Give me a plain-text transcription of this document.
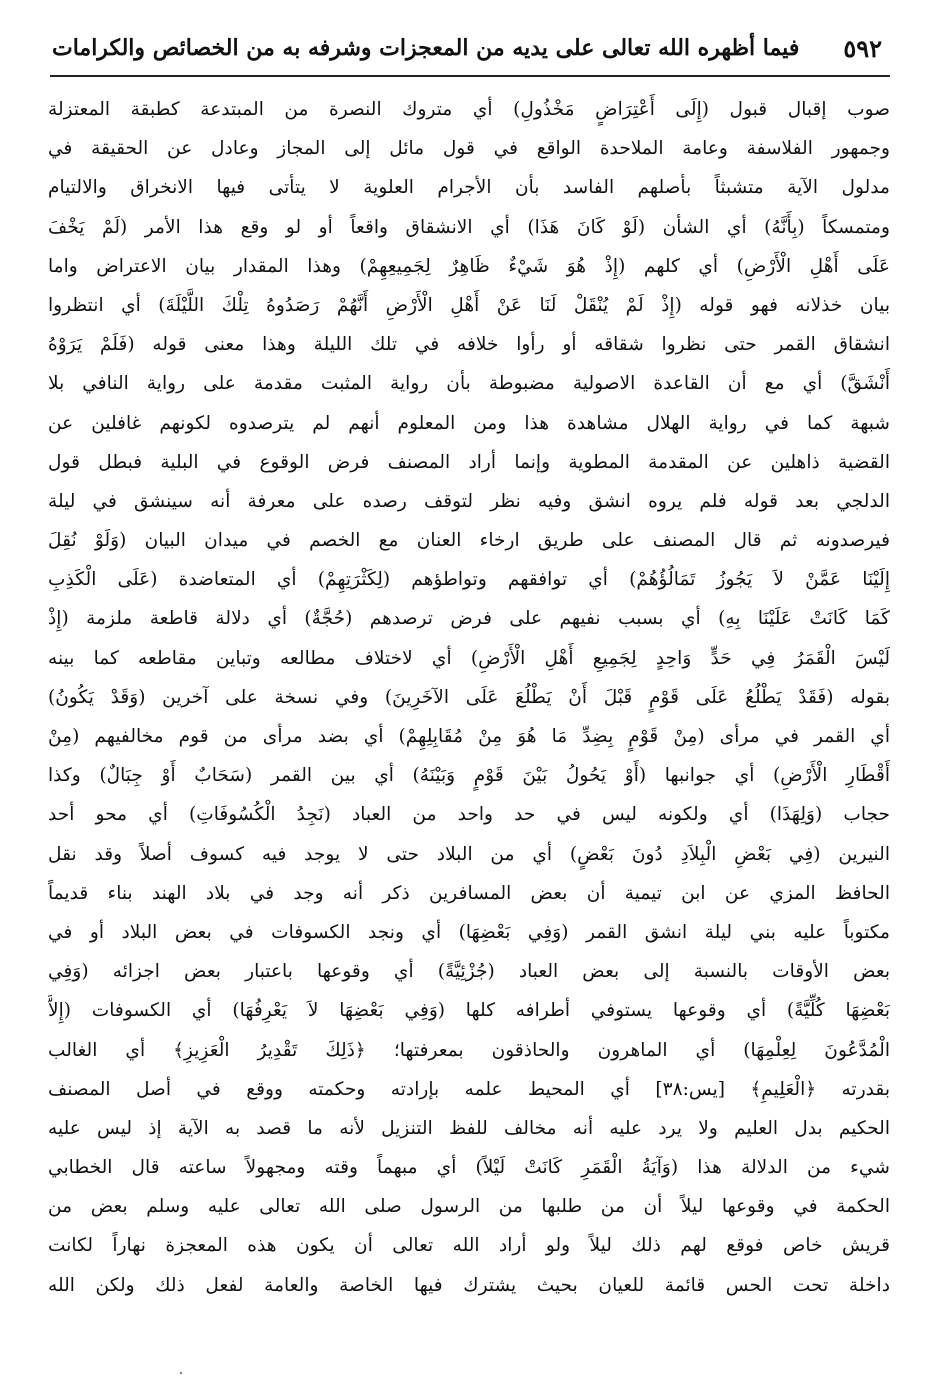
٥٩٢
فيما أظهره الله تعالى على يديه من المعجزات وشرفه به من الخصائص والكرامات
صوب إقبال قبول (إِلَى أَعْتِرَاضٍ مَخْذُولِ) أي متروك النصرة من المبتدعة كطبقة المعتزلة
وجمهور الفلاسفة وعامة الملاحدة الواقع في قول مائل إلى المجاز وعادل عن الحقيقة في
مدلول الآية متشبثاً بأصلهم الفاسد بأن الأجرام العلوية لا يتأتى فيها الانخراق والالتيام
ومتمسكاً (بِأَنَّهُ) أي الشأن (لَوْ كَانَ هَذَا) أي الانشقاق واقعاً أو لو وقع هذا الأمر (لَمْ يَخْفَ
عَلَى أَهْلِ الْأَرْضِ) أي كلهم (إِذْ هُوَ شَيْءٌ ظَاهِرٌ لِجَمِيعِهِمْ) وهذا المقدار بيان الاعتراض واما
بيان خذلانه فهو قوله (إِذْ لَمْ يُنْقَلْ لَنَا عَنْ أَهْلِ الْأَرْضِ أَنَّهُمْ رَصَدُوهُ تِلْكَ اللَّيْلَةَ) أي انتظروا
انشقاق القمر حتى نظروا شقاقه أو رأوا خلافه في تلك الليلة وهذا معنى قوله (فَلَمْ يَرَوْهُ
أَنْشَقَّ) أي مع أن القاعدة الاصولية مضبوطة بأن رواية المثبت مقدمة على رواية النافي بلا
شبهة كما في رواية الهلال مشاهدة هذا ومن المعلوم أنهم لم يترصدوه لكونهم غافلين عن
القضية ذاهلين عن المقدمة المطوية وإنما أراد المصنف فرض الوقوع في البلية فبطل قول
الدلجي بعد قوله فلم يروه انشق وفيه نظر لتوقف رصده على معرفة أنه سينشق في ليلة
فيرصدونه ثم قال المصنف على طريق ارخاء العنان مع الخصم في ميدان البيان (وَلَوْ نُقِلَ
إِلَيْنَا عَمَّنْ لاَ يَجُوزُ تَمَالُؤُهُمْ) أي توافقهم وتواطؤهم (لِكَثْرَتِهِمْ) أي المتعاضدة (عَلَى الْكَذِبِ
كَمَا كَانَتْ عَلَيْنَا بِهِ) أي بسبب نفيهم على فرض ترصدهم (حُجَّةٌ) أي دلالة قاطعة ملزمة (إِذْ
لَيْسَ الْقَمَرُ فِي حَدٍّ وَاحِدٍ لِجَمِيعِ أَهْلِ الْأَرْضِ) أي لاختلاف مطالعه وتباين مقاطعه كما بينه
بقوله (فَقَدْ يَطْلُعُ عَلَى قَوْمٍ قَبْلَ أَنْ يَطْلُعَ عَلَى الآخَرِينَ) وفي نسخة على آخرين (وَقَدْ يَكُونُ)
أي القمر في مرأى (مِنْ قَوْمٍ بِضِدِّ مَا هُوَ مِنْ مُقَابِلِهِمْ) أي بضد مرأى من قوم مخالفيهم (مِنْ
أَقْطَارِ الْأَرْضِ) أي جوانبها (أَوْ يَحُولُ بَيْنَ قَوْمٍ وَبَيْنَهُ) أي بين القمر (سَحَابٌ أَوْ جِبَالٌ) وكذا
حجاب (وَلِهَذَا) أي ولكونه ليس في حد واحد من العباد (نَجِدُ الْكُسُوفَاتِ) أي محو أحد
النيرين (فِي بَعْضِ الْبِلاَدِ دُونَ بَعْضٍ) أي من البلاد حتى لا يوجد فيه كسوف أصلاً وقد نقل
الحافظ المزي عن ابن تيمية أن بعض المسافرين ذكر أنه وجد في بلاد الهند بناء قديماً
مكتوباً عليه بني ليلة انشق القمر (وَفِي بَعْضِهَا) أي ونجد الكسوفات في بعض البلاد أو في
بعض الأوقات بالنسبة إلى بعض العباد (جُزْئِيَّةً) أي وقوعها باعتبار بعض اجزائه (وَفِي
بَعْضِهَا كُلِّيَّةً) أي وقوعها يستوفي أطرافه كلها (وَفِي بَعْضِهَا لاَ يَعْرِفُهَا) أي الكسوفات (إِلاَّ
الْمُدَّعُونَ لِعِلْمِهَا) أي الماهرون والحاذقون بمعرفتها؛ ﴿ذَلِكَ تَقْدِيرُ الْعَزِيزِ﴾ أي الغالب
بقدرته ﴿الْعَلِيمِ﴾ [يس:٣٨] أي المحيط علمه بإرادته وحكمته ووقع في أصل المصنف
الحكيم بدل العليم ولا يرد عليه أنه مخالف للفظ التنزيل لأنه ما قصد به الآية إذ ليس عليه
شيء من الدلالة هذا (وَآيَةُ الْقَمَرِ كَانَتْ لَيْلاً) أي مبهماً وقته ومجهولاً ساعته قال الخطابي
الحكمة في وقوعها ليلاً أن من طلبها من الرسول صلى الله تعالى عليه وسلم بعض من
قريش خاص فوقع لهم ذلك ليلاً ولو أراد الله تعالى أن يكون هذه المعجزة نهاراً لكانت
داخلة تحت الحس قائمة للعيان بحيث يشترك فيها الخاصة والعامة لفعل ذلك ولكن الله
